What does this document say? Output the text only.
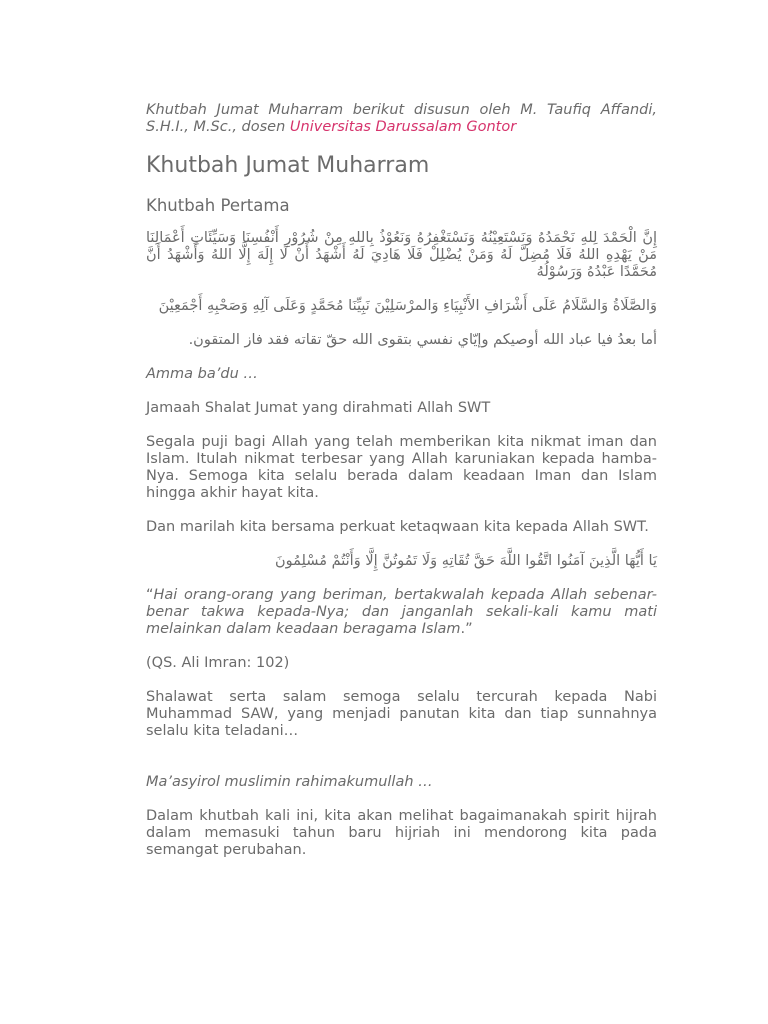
Khutbah Jumat Muharram berikut disusun oleh M. Taufiq Affandi, S.H.I., M.Sc., dosen Universitas Darussalam Gontor

Khutbah Jumat Muharram
Khutbah Pertama

إِنَّ الْحَمْدَ لِلهِ نَحْمَدُهُ وَنَسْتَعِيْنُهُ وَنَسْتَغْفِرُهُ وَنَعُوْذُ بِاللهِ مِنْ شُرُوْرِ أَنْفُسِنَا وَسَيِّئَاتِ أَعْمَالِنَا مَنْ يَهْدِهِ اللهُ فَلَا مُضِلَّ لَهُ وَمَنْ يُضْلِلْ فَلَا هَادِيَ لَهُ أَشْهَدُ أَنْ لَا إِلَهَ إِلَّا اللهُ وَأَشْهَدُ أَنَّ مُحَمَّدًا عَبْدُهُ وَرَسُوْلُهُ

وَالصَّلَاةُ وَالسَّلَامُ عَلَى أَشْرَافِ الأَنْبِيَاءِ وَالمرْسَلِيْنَ نَبِيِّنَا مُحَمَّدٍ وَعَلَى آلِهِ وَصَحْبِهِ أَجْمَعِيْنَ

أما بعدُ فيا عباد الله أوصيكم وإيّاي نفسي بتقوى الله حقّ تقاته فقد فاز المتقون.

Amma ba’du …

Jamaah Shalat Jumat yang dirahmati Allah SWT

Segala puji bagi Allah yang telah memberikan kita nikmat iman dan Islam. Itulah nikmat terbesar yang Allah karuniakan kepada hamba-Nya. Semoga kita selalu berada dalam keadaan Iman dan Islam hingga akhir hayat kita.

Dan marilah kita bersama perkuat ketaqwaan kita kepada Allah SWT.

يَا أَيُّهَا الَّذِينَ آمَنُوا اتَّقُوا اللَّهَ حَقَّ تُقَاتِهِ وَلَا تَمُوتُنَّ إِلَّا وَأَنْتُمْ مُسْلِمُونَ

“Hai orang-orang yang beriman, bertakwalah kepada Allah sebenar-benar takwa kepada-Nya; dan janganlah sekali-kali kamu mati melainkan dalam keadaan beragama Islam.”

(QS. Ali Imran: 102)

Shalawat serta salam semoga selalu tercurah kepada Nabi Muhammad SAW, yang menjadi panutan kita dan tiap sunnahnya selalu kita teladani…

Ma’asyirol muslimin rahimakumullah …

Dalam khutbah kali ini, kita akan melihat bagaimanakah spirit hijrah dalam memasuki tahun baru hijriah ini mendorong kita pada semangat perubahan.
